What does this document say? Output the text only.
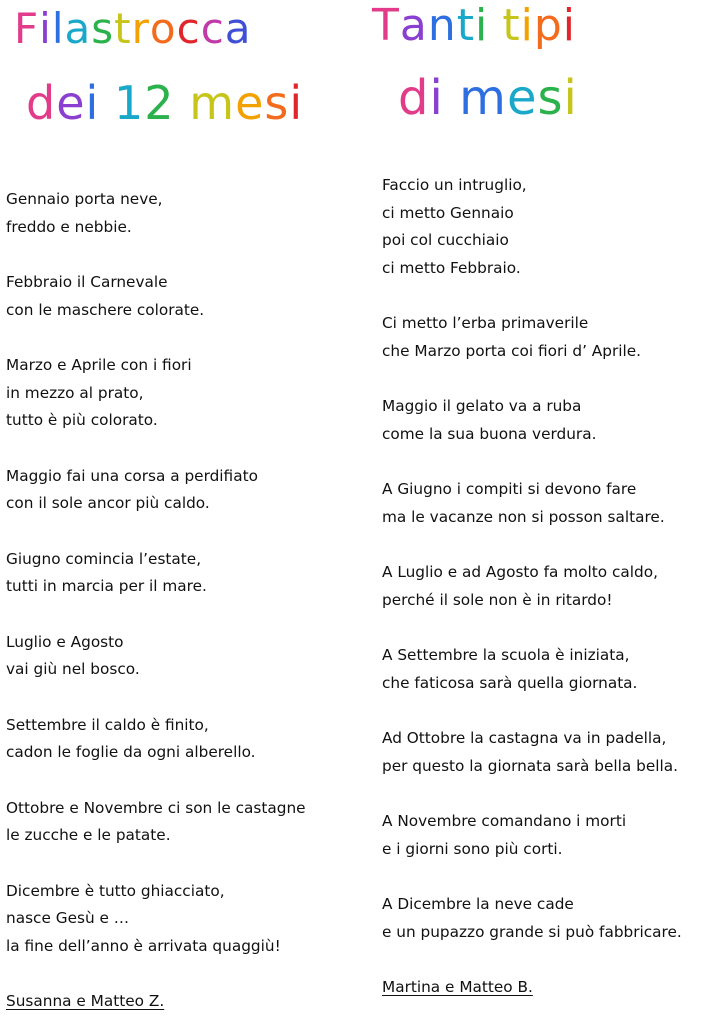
Filastrocca
dei 12 mesi
Tanti tipi
di mesi
Gennaio porta neve,
freddo e nebbie.
Febbraio il Carnevale
con le maschere colorate.
Marzo e Aprile con i fiori
in mezzo al prato,
tutto è più colorato.
Maggio fai una corsa a perdifiato
con il sole ancor più caldo.
Giugno comincia l’estate,
tutti in marcia per il mare.
Luglio e Agosto
vai giù nel bosco.
Settembre il caldo è finito,
cadon le foglie da ogni alberello.
Ottobre e Novembre ci son le castagne
le zucche e le patate.
Dicembre è tutto ghiacciato,
nasce Gesù e …
la fine dell’anno è arrivata quaggiù!
Susanna e Matteo Z.
Faccio un intruglio,
ci metto Gennaio
poi col cucchiaio
ci metto Febbraio.
Ci metto l’erba primaverile
che Marzo porta coi fiori d’ Aprile.
Maggio il gelato va a ruba
come la sua buona verdura.
A Giugno i compiti si devono fare
ma le vacanze non si posson saltare.
A Luglio e ad Agosto fa molto caldo,
perché il sole non è in ritardo!
A Settembre la scuola è iniziata,
che faticosa sarà quella giornata.
Ad Ottobre la castagna va in padella,
per questo la giornata sarà bella bella.
A Novembre comandano i morti
e i giorni sono più corti.
A Dicembre la neve cade
e un pupazzo grande si può fabbricare.
Martina e Matteo B.
